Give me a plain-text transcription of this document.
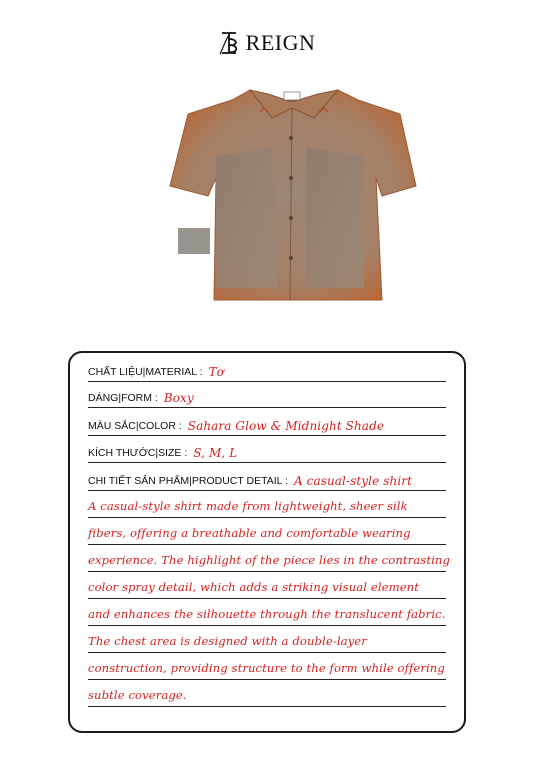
REIGN
CHẤT LIỆU|MATERIAL : Tơ
DÁNG|FORM : Boxy
MÀU SẮC|COLOR : Sahara Glow & Midnight Shade
KÍCH THƯỚC|SIZE : S, M, L
CHI TIẾT SẢN PHẨM|PRODUCT DETAIL : A casual-style shirt
A casual-style shirt made from lightweight, sheer silk
fibers, offering a breathable and comfortable wearing
experience. The highlight of the piece lies in the contrasting
color spray detail, which adds a striking visual element
and enhances the silhouette through the translucent fabric.
The chest area is designed with a double-layer
construction, providing structure to the form while offering
subtle coverage.
